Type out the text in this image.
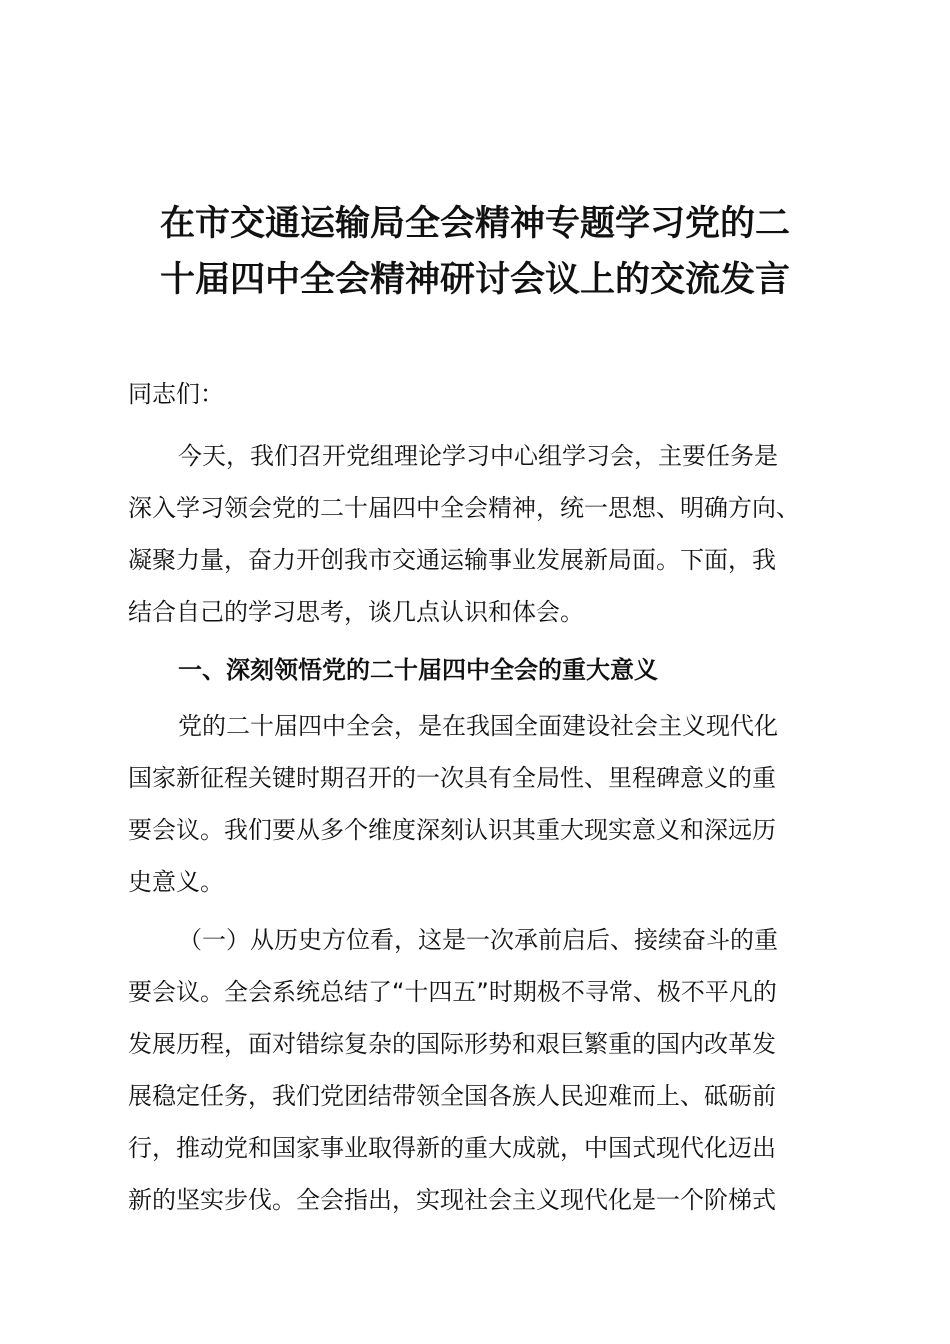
在市交通运输局全会精神专题学习党的二
十届四中全会精神研讨会议上的交流发言
同志们：
今天，我们召开党组理论学习中心组学习会，主要任务是
深入学习领会党的二十届四中全会精神，统一思想、明确方向、
凝聚力量，奋力开创我市交通运输事业发展新局面。下面，我
结合自己的学习思考，谈几点认识和体会。
一、深刻领悟党的二十届四中全会的重大意义
党的二十届四中全会，是在我国全面建设社会主义现代化
国家新征程关键时期召开的一次具有全局性、里程碑意义的重
要会议。我们要从多个维度深刻认识其重大现实意义和深远历
史意义。
（一）从历史方位看，这是一次承前启后、接续奋斗的重
要会议。全会系统总结了“十四五”时期极不寻常、极不平凡的
发展历程，面对错综复杂的国际形势和艰巨繁重的国内改革发
展稳定任务，我们党团结带领全国各族人民迎难而上、砥砺前
行，推动党和国家事业取得新的重大成就，中国式现代化迈出
新的坚实步伐。全会指出，实现社会主义现代化是一个阶梯式
